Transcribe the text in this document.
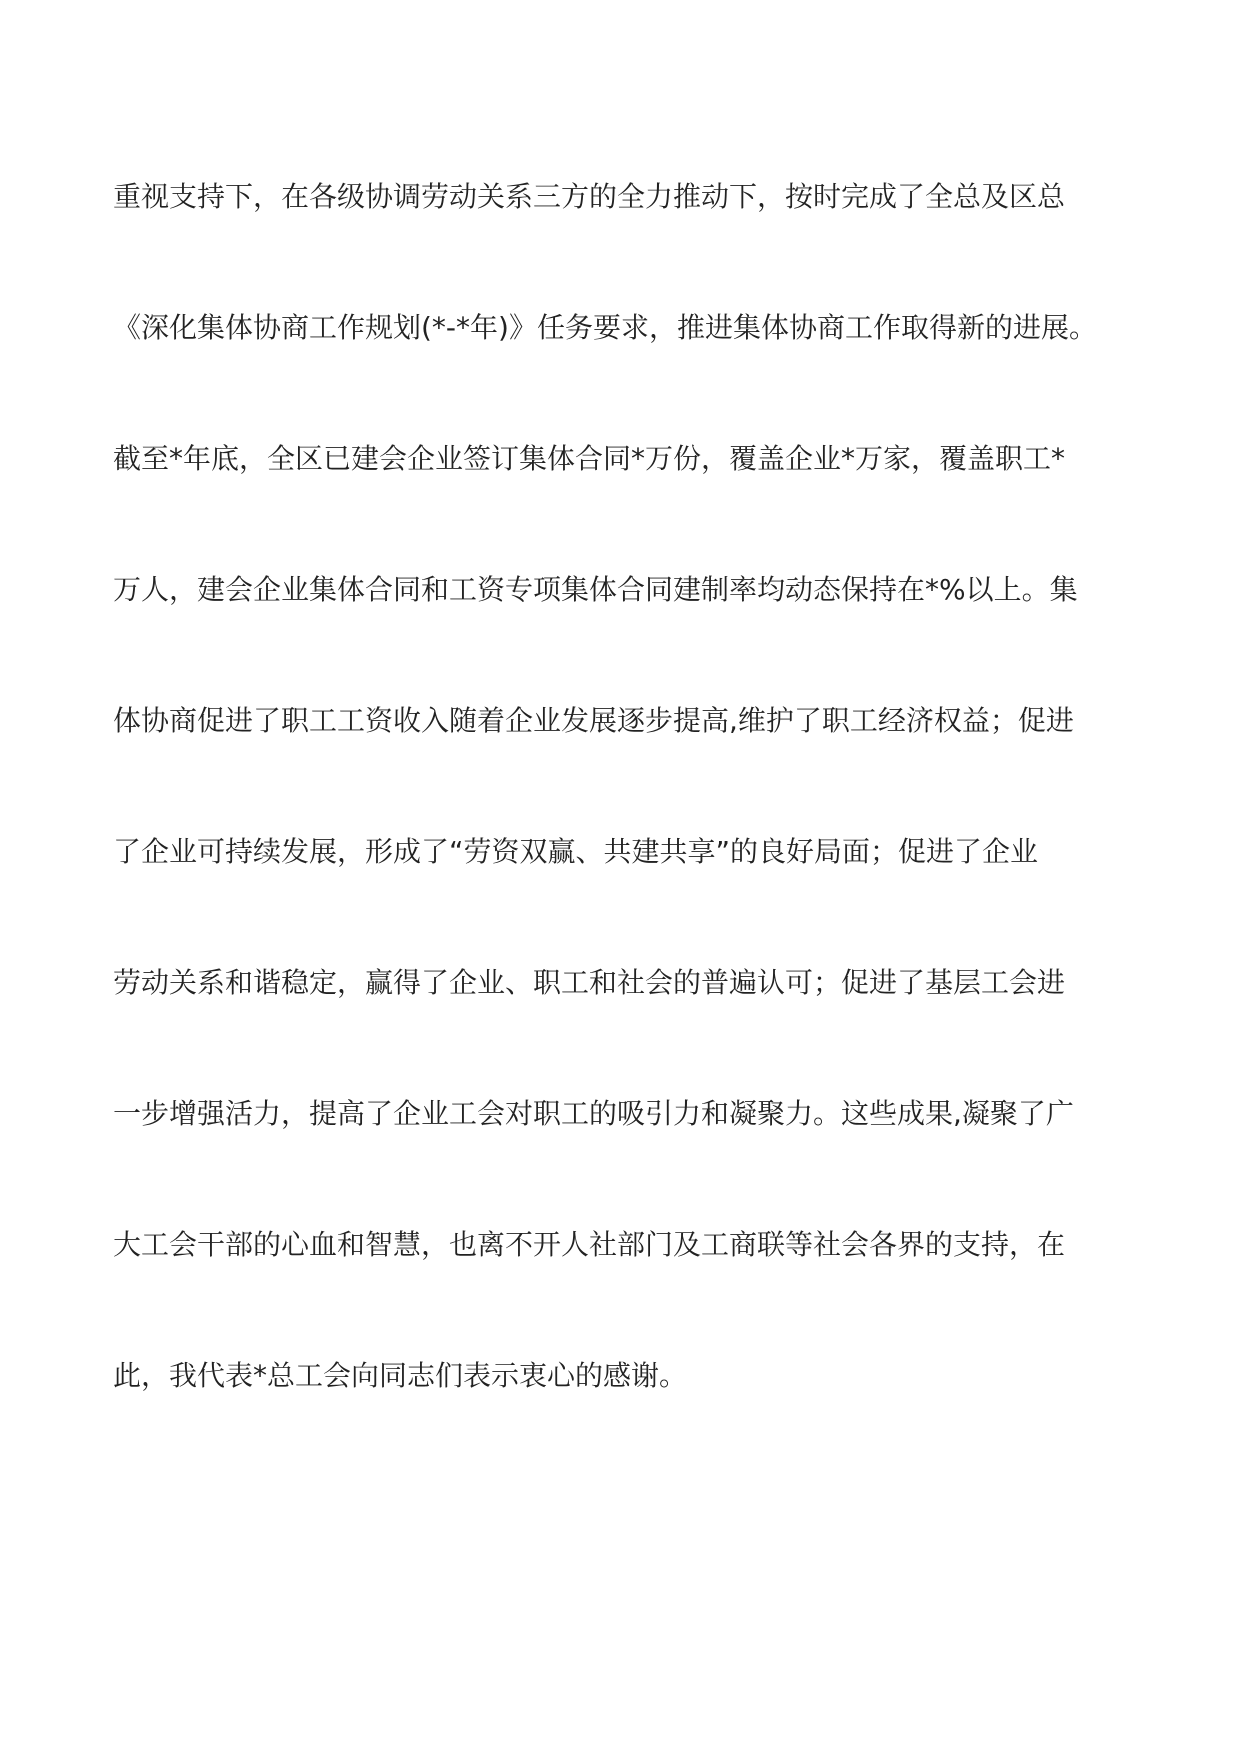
重视支持下，在各级协调劳动关系三方的全力推动下，按时完成了全总及区总

《深化集体协商工作规划(*-*年)》任务要求，推进集体协商工作取得新的进展。

截至*年底，全区已建会企业签订集体合同*万份，覆盖企业*万家，覆盖职工*

万人，建会企业集体合同和工资专项集体合同建制率均动态保持在*%以上。集

体协商促进了职工工资收入随着企业发展逐步提高,维护了职工经济权益；促进

了企业可持续发展，形成了“劳资双赢、共建共享”的良好局面；促进了企业

劳动关系和谐稳定，赢得了企业、职工和社会的普遍认可；促进了基层工会进

一步增强活力，提高了企业工会对职工的吸引力和凝聚力。这些成果,凝聚了广

大工会干部的心血和智慧，也离不开人社部门及工商联等社会各界的支持，在

此，我代表*总工会向同志们表示衷心的感谢。
